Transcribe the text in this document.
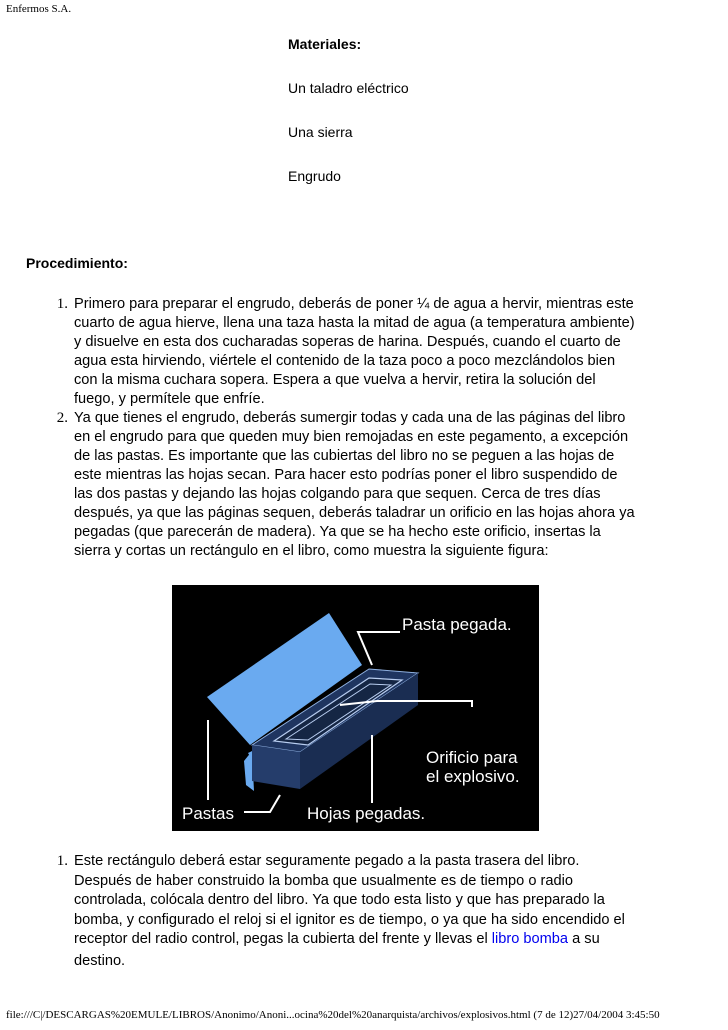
Enfermos S.A.
Materiales:
Un taladro eléctrico
Una sierra
Engrudo
Procedimiento:
1. Primero para preparar el engrudo, deberás de poner ¼ de agua a hervir, mientras este
cuarto de agua hierve, llena una taza hasta la mitad de agua (a temperatura ambiente)
y disuelve en esta dos cucharadas soperas de harina. Después, cuando el cuarto de
agua esta hirviendo, viértele el contenido de la taza poco a poco mezclándolos bien
con la misma cuchara sopera. Espera a que vuelva a hervir, retira la solución del
fuego, y permítele que enfríe.
2. Ya que tienes el engrudo, deberás sumergir todas y cada una de las páginas del libro
en el engrudo para que queden muy bien remojadas en este pegamento, a excepción
de las pastas. Es importante que las cubiertas del libro no se peguen a las hojas de
este mientras las hojas secan. Para hacer esto podrías poner el libro suspendido de
las dos pastas y dejando las hojas colgando para que sequen. Cerca de tres días
después, ya que las páginas sequen, deberás taladrar un orificio en las hojas ahora ya
pegadas (que parecerán de madera). Ya que se ha hecho este orificio, insertas la
sierra y cortas un rectángulo en el libro, como muestra la siguiente figura:
Pasta pegada.
Orificio para
el explosivo.
Pastas	Hojas pegadas.
1. Este rectángulo deberá estar seguramente pegado a la pasta trasera del libro.
Después de haber construido la bomba que usualmente es de tiempo o radio
controlada, colócala dentro del libro. Ya que todo esta listo y que has preparado la
bomba, y configurado el reloj si el ignitor es de tiempo, o ya que ha sido encendido el
receptor del radio control, pegas la cubierta del frente y llevas el libro bomba a su
destino.
file:///C|/DESCARGAS%20EMULE/LIBROS/Anonimo/Anoni...ocina%20del%20anarquista/archivos/explosivos.html (7 de 12)27/04/2004 3:45:50
